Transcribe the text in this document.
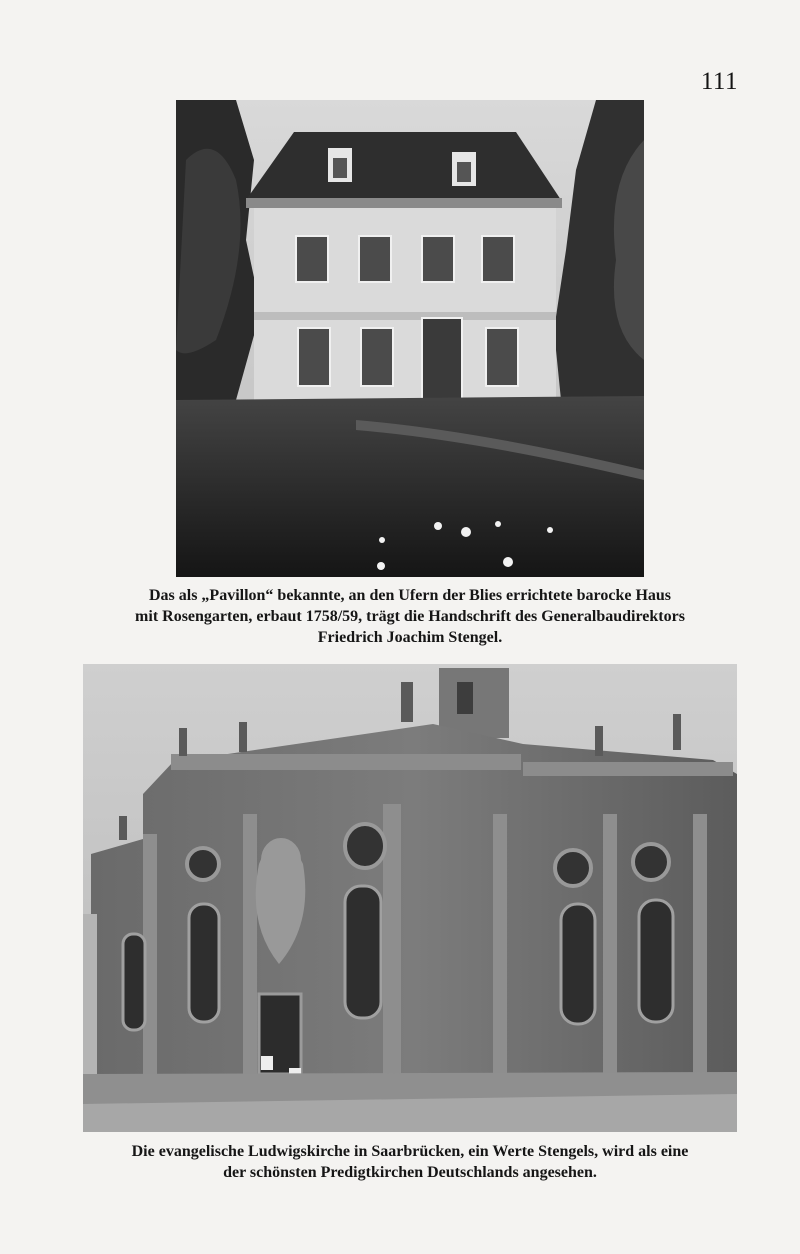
111
Das als „Pavillon“ bekannte, an den Ufern der Blies errichtete barocke Haus
mit Rosengarten, erbaut 1758/59, trägt die Handschrift des Generalbaudirektors
Friedrich Joachim Stengel.
Die evangelische Ludwigskirche in Saarbrücken, ein Werte Stengels, wird als eine
der schönsten Predigtkirchen Deutschlands angesehen.
